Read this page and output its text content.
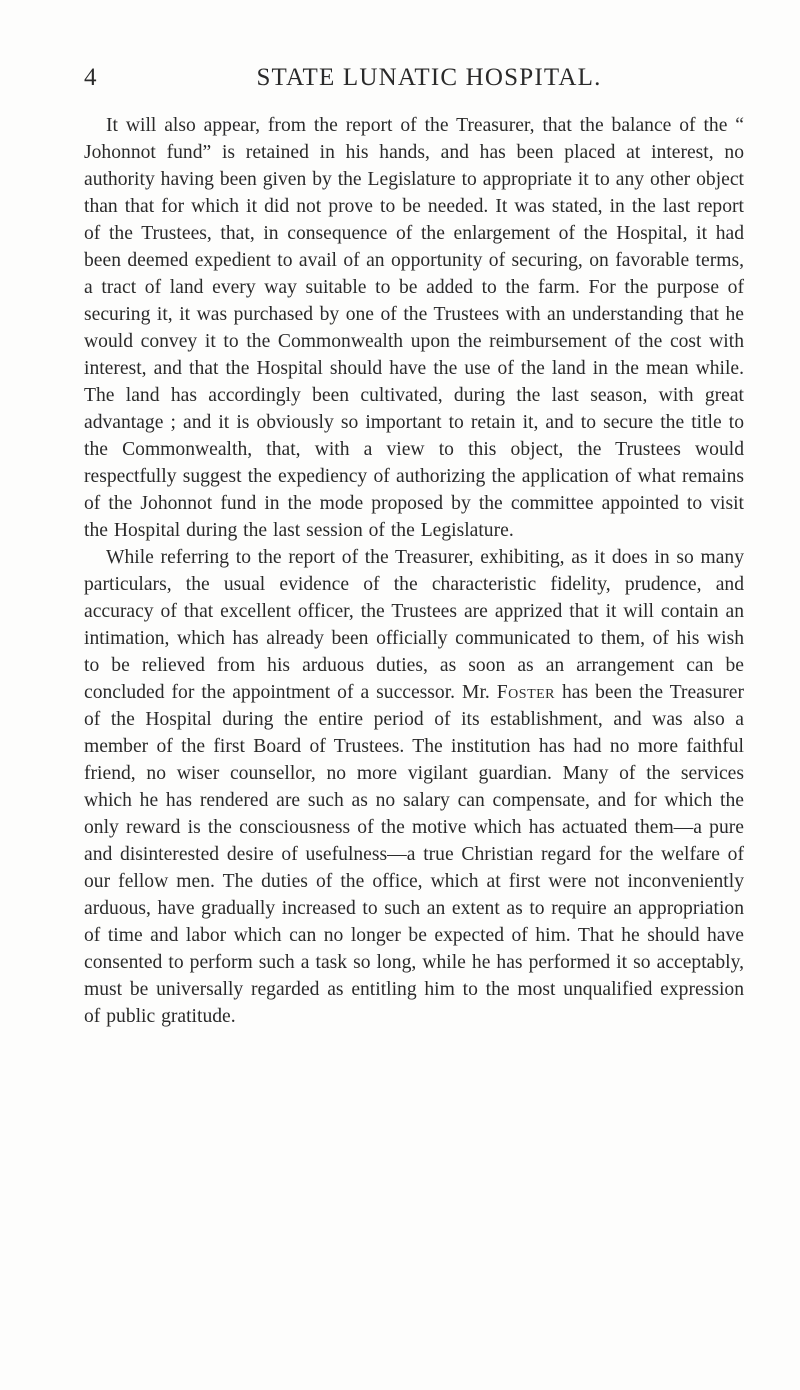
4	STATE LUNATIC HOSPITAL.

It will also appear, from the report of the Treasurer, that the balance of the “ Johonnot fund” is retained in his hands, and has been placed at interest, no authority having been given by the Legislature to appropriate it to any other object than that for which it did not prove to be needed. It was stated, in the last report of the Trustees, that, in consequence of the enlargement of the Hospital, it had been deemed expedient to avail of an opportunity of securing, on favorable terms, a tract of land every way suitable to be added to the farm. For the purpose of securing it, it was purchased by one of the Trustees with an understanding that he would convey it to the Commonwealth upon the reimbursement of the cost with interest, and that the Hospital should have the use of the land in the mean while. The land has accordingly been cultivated, during the last season, with great advantage ; and it is obviously so important to retain it, and to secure the title to the Commonwealth, that, with a view to this object, the Trustees would respectfully suggest the expediency of authorizing the application of what remains of the Johonnot fund in the mode proposed by the committee appointed to visit the Hospital during the last session of the Legislature.

While referring to the report of the Treasurer, exhibiting, as it does in so many particulars, the usual evidence of the characteristic fidelity, prudence, and accuracy of that excellent officer, the Trustees are apprized that it will contain an intimation, which has already been officially communicated to them, of his wish to be relieved from his arduous duties, as soon as an arrangement can be concluded for the appointment of a successor. Mr. Foster has been the Treasurer of the Hospital during the entire period of its establishment, and was also a member of the first Board of Trustees. The institution has had no more faithful friend, no wiser counsellor, no more vigilant guardian. Many of the services which he has rendered are such as no salary can compensate, and for which the only reward is the consciousness of the motive which has actuated them—a pure and disinterested desire of usefulness—a true Christian regard for the welfare of our fellow men. The duties of the office, which at first were not inconveniently arduous, have gradually increased to such an extent as to require an appropriation of time and labor which can no longer be expected of him. That he should have consented to perform such a task so long, while he has performed it so acceptably, must be universally regarded as entitling him to the most unqualified expression of public gratitude.
